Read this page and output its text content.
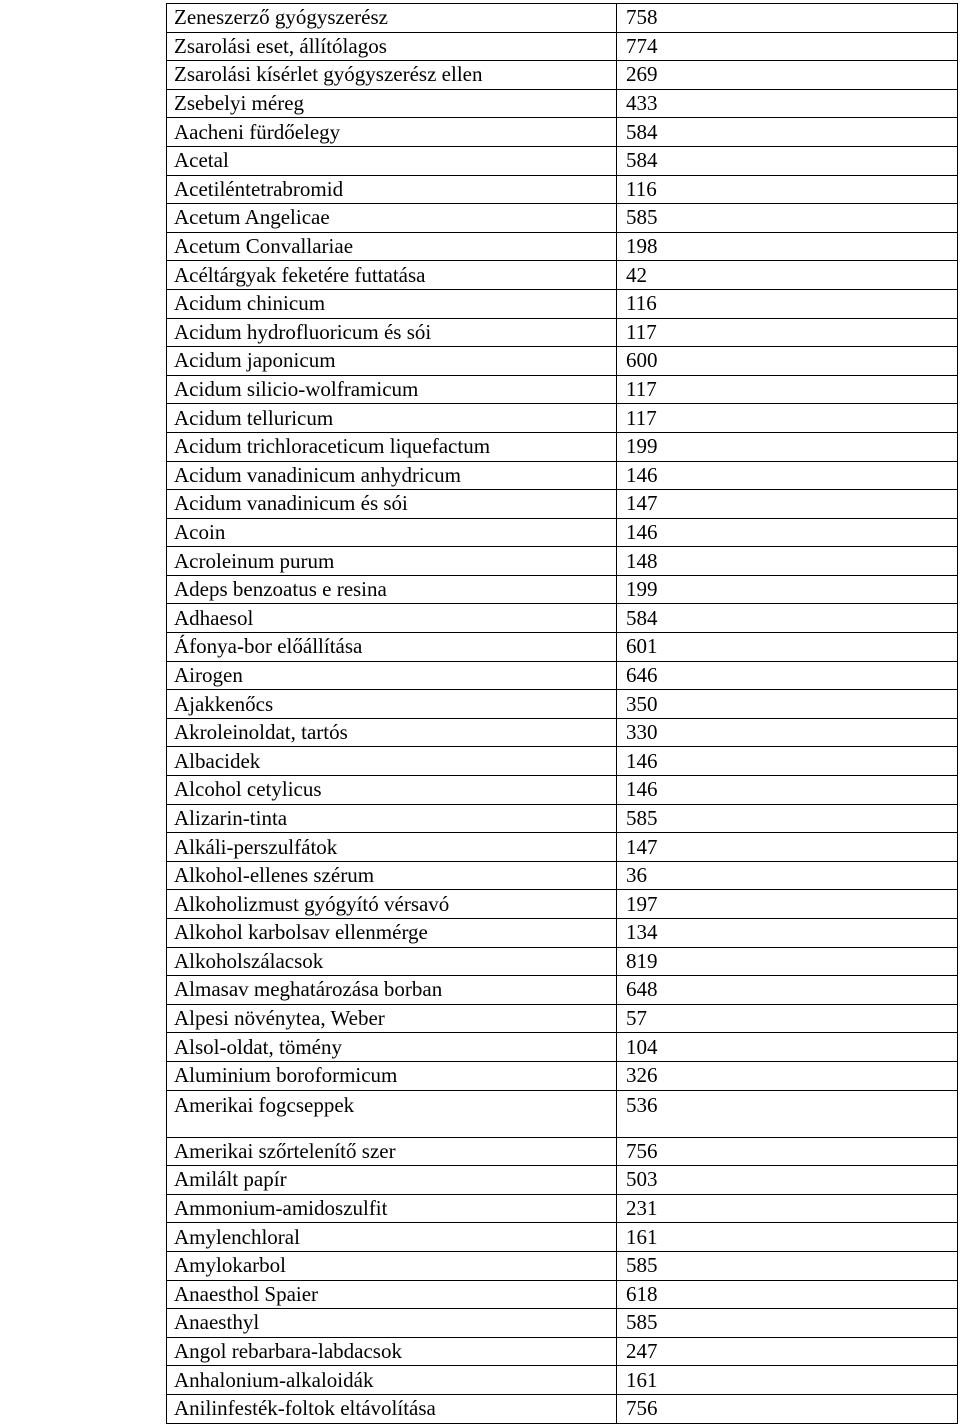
Zeneszerző gyógyszerész	758
Zsarolási eset, állítólagos	774
Zsarolási kísérlet gyógyszerész ellen	269
Zsebelyi méreg	433
Aacheni fürdőelegy	584
Acetal	584
Acetiléntetrabromid	116
Acetum Angelicae	585
Acetum Convallariae	198
Acéltárgyak feketére futtatása	42
Acidum chinicum	116
Acidum hydrofluoricum és sói	117
Acidum japonicum	600
Acidum silicio-wolframicum	117
Acidum telluricum	117
Acidum trichloraceticum liquefactum	199
Acidum vanadinicum anhydricum	146
Acidum vanadinicum és sói	147
Acoin	146
Acroleinum purum	148
Adeps benzoatus e resina	199
Adhaesol	584
Áfonya-bor előállítása	601
Airogen	646
Ajakkenőcs	350
Akroleinoldat, tartós	330
Albacidek	146
Alcohol cetylicus	146
Alizarin-tinta	585
Alkáli-perszulfátok	147
Alkohol-ellenes szérum	36
Alkoholizmust gyógyító vérsavó	197
Alkohol karbolsav ellenmérge	134
Alkoholszálacsok	819
Almasav meghatározása borban	648
Alpesi növénytea, Weber	57
Alsol-oldat, tömény	104
Aluminium boroformicum	326
Amerikai fogcseppek	536
Amerikai szőrtelenítő szer	756
Amilált papír	503
Ammonium-amidoszulfit	231
Amylenchloral	161
Amylokarbol	585
Anaesthol Spaier	618
Anaesthyl	585
Angol rebarbara-labdacsok	247
Anhalonium-alkaloidák	161
Anilinfesték-foltok eltávolítása	756
